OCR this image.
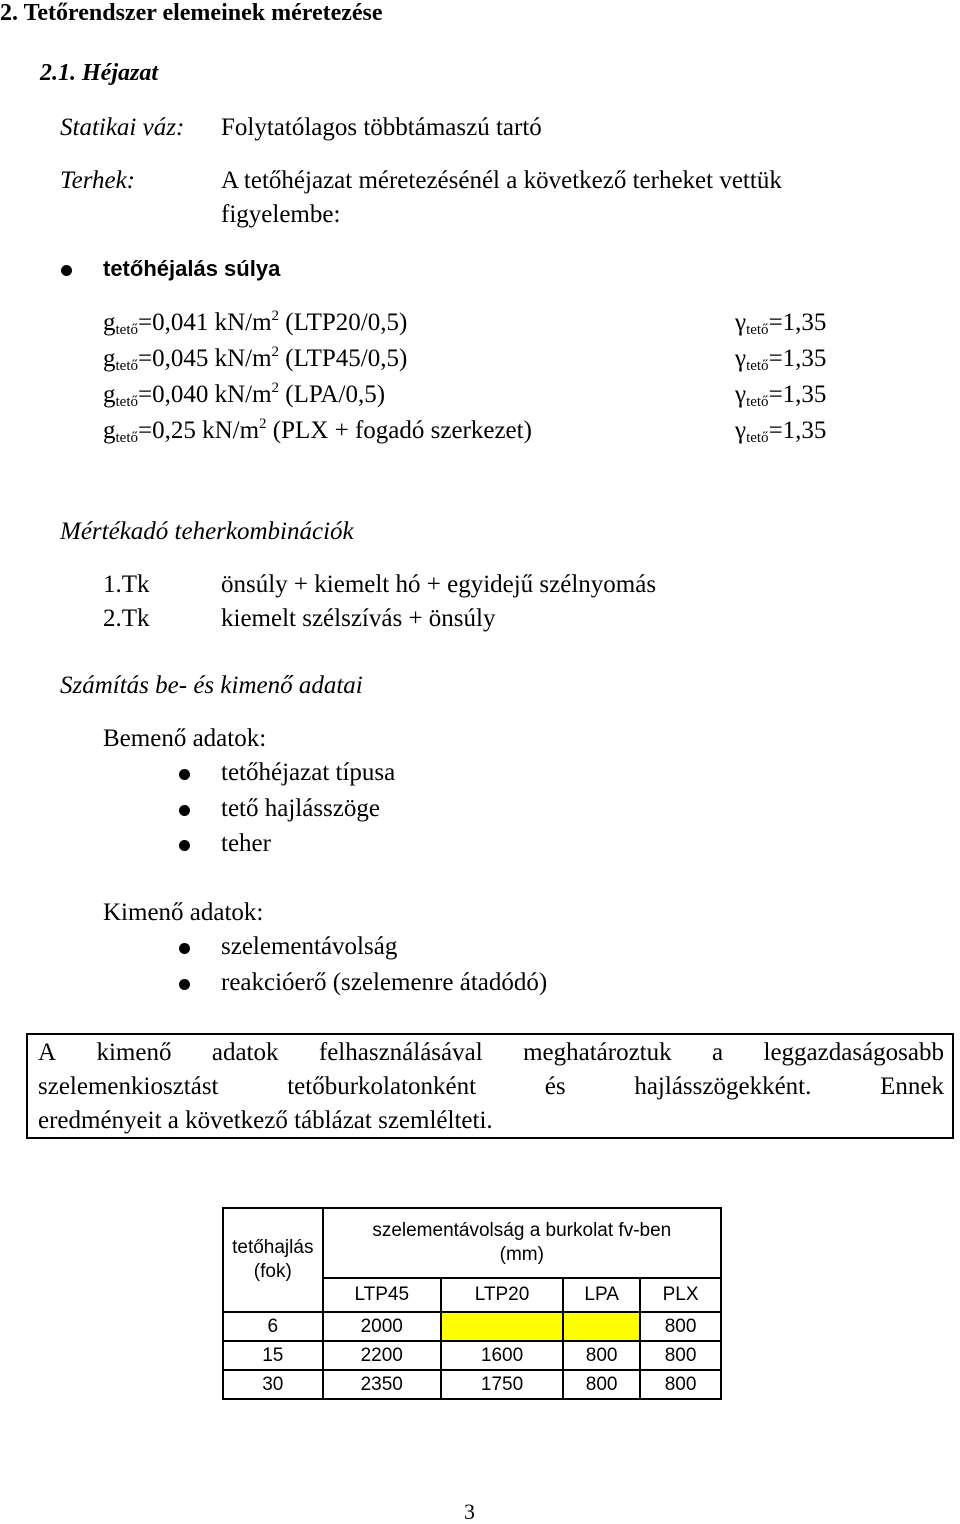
2. Tetőrendszer elemeinek méretezése
2.1. Héjazat
Statikai váz: Folytatólagos többtámaszú tartó
Terhek:	A tetőhéjazat méretezésénél a következő terheket vettük
figyelembe:
tetőhéjalás súlya
$g_{tető}=0,041$ $kN/m^2$ (LTP20/0,5)	$\gamma_{tető}=1,35$
$g_{tető}=0,045$ $kN/m^2$ (LTP45/0,5)	$\gamma_{tető}=1,35$
$g_{tető}=0,040$ $kN/m^2$ (LPA/0,5)	$\gamma_{tető}=1,35$
$g_{tető}=0,25$ $kN/m^2$ (PLX + fogadó szerkezet)	$\gamma_{tető}=1,35$
Mértékadó teherkombinációk
1.Tk	önsúly + kiemelt hó + egyidejű szélnyomás
2.Tk	kiemelt szélszívás + önsúly
Számítás be- és kimenő adatai
Bemenő adatok:
tetőhéjazat típusa
tető hajlásszöge
teher
Kimenő adatok:
szelementávolság
reakcióerő (szelemenre átadódó)

A kimenő adatok felhasználásával meghatároztuk a leggazdaságosabb

szelemenkiosztást	tetőburkolatonként	és	hajlásszögekként.	Ennek

eredményeit a következő táblázat szemlélteti.

tetőhajlás
(fok)	szelementávolság a burkolat fv-ben
(mm)			
	LTP45	LTP20	LPA	PLX
6	2000			800
15	2200	1600	800	800
30	2350	1750	800	800
3
